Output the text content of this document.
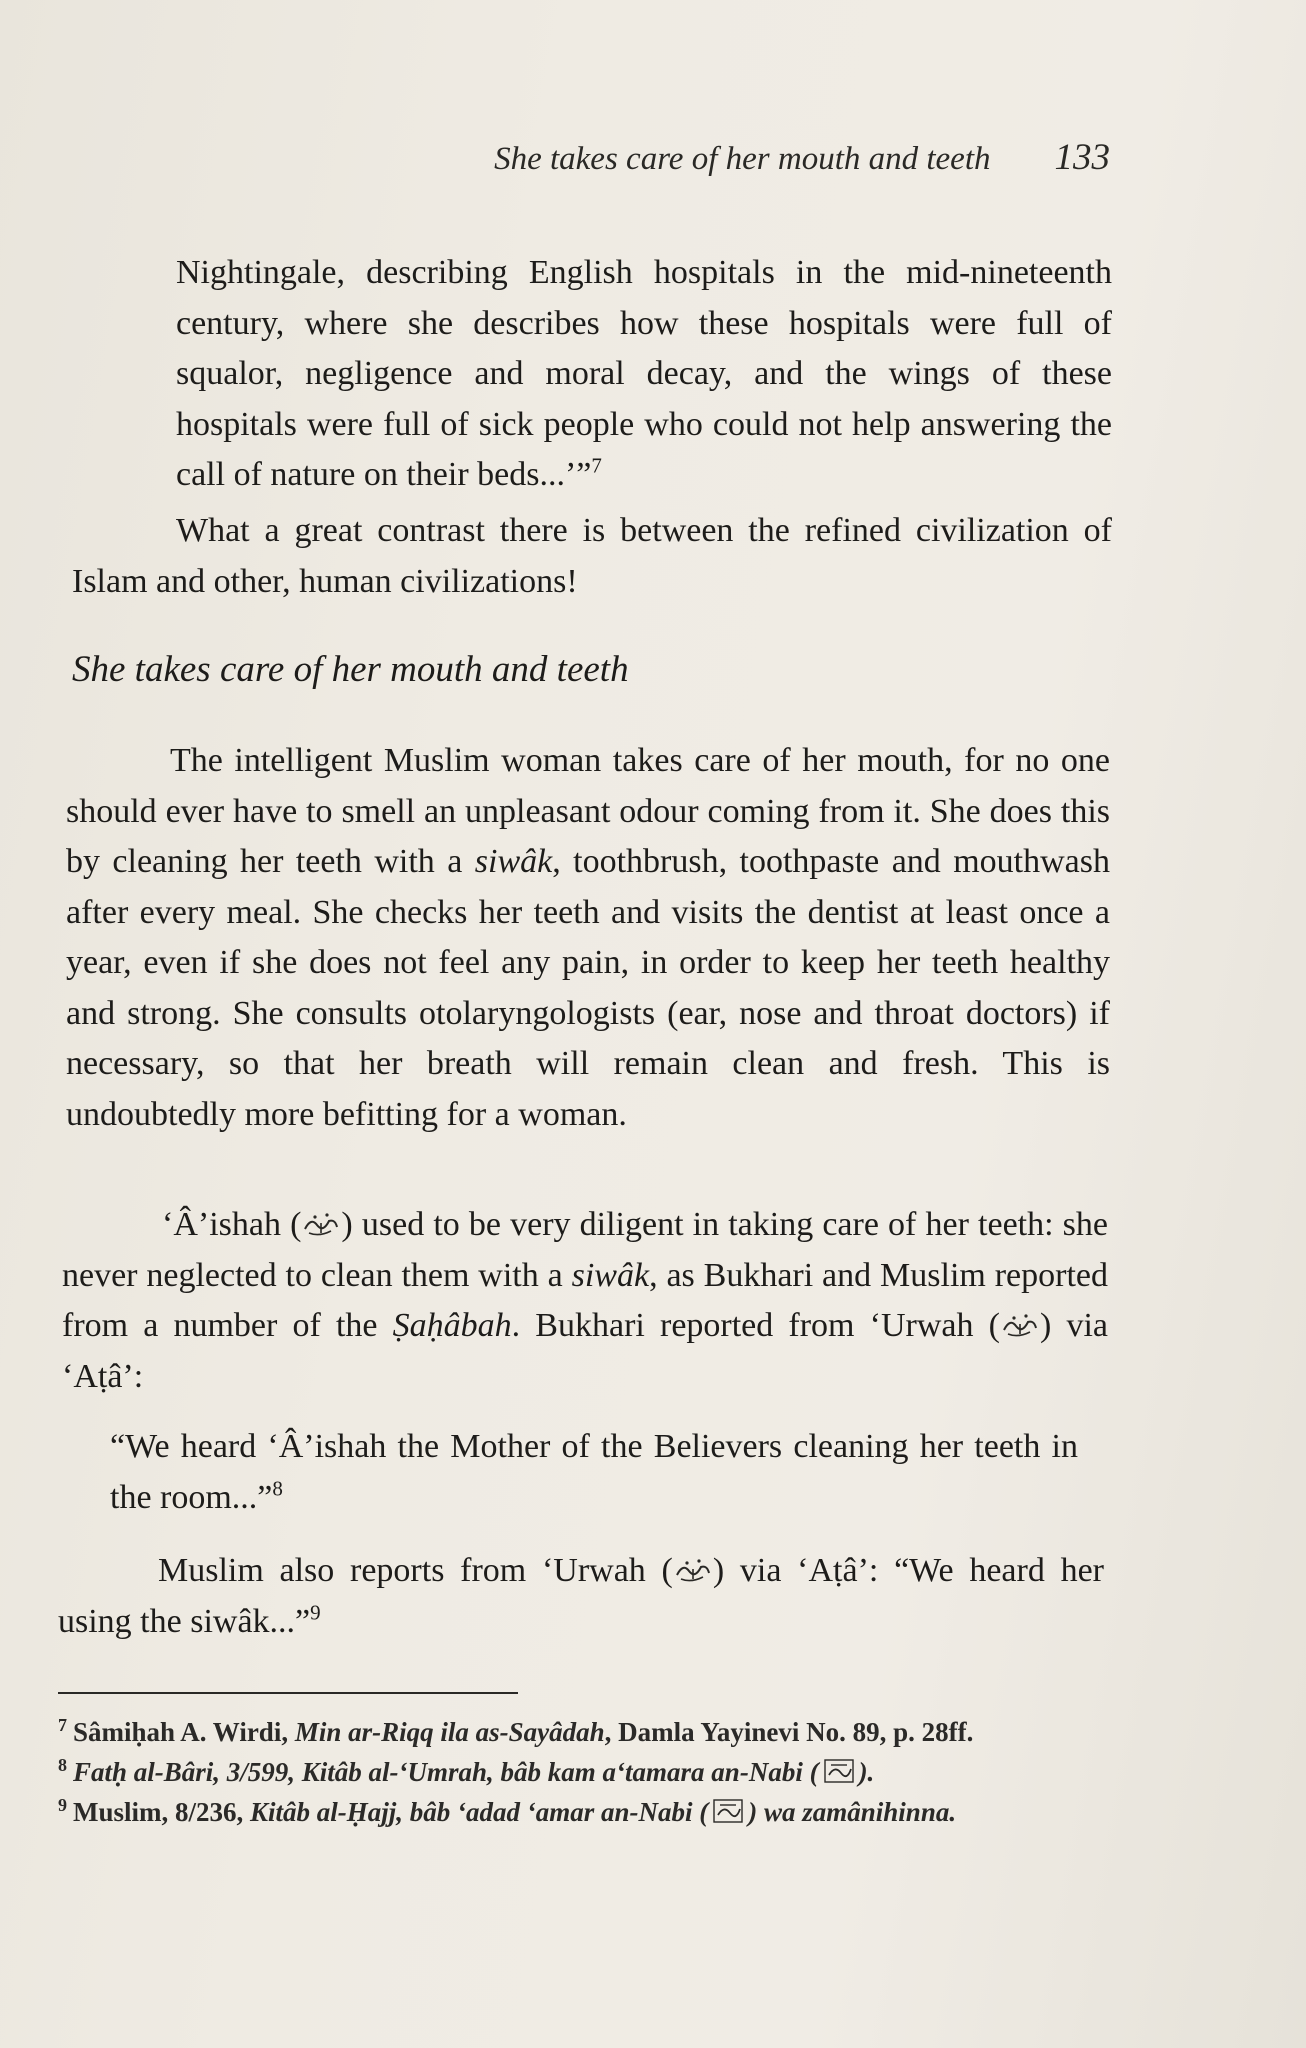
She takes care of her mouth and teeth 133

Nightingale, describing English hospitals in the mid-nineteenth century, where she describes how these hospitals were full of squalor, negligence and moral decay, and the wings of these hospitals were full of sick people who could not help answering the call of nature on their beds...’”$^7$

What a great contrast there is between the refined civilization of Islam and other, human civilizations!

She takes care of her mouth and teeth

The intelligent Muslim woman takes care of her mouth, for no one should ever have to smell an unpleasant odour coming from it. She does this by cleaning her teeth with a siwâk, toothbrush, toothpaste and mouthwash after every meal. She checks her teeth and visits the dentist at least once a year, even if she does not feel any pain, in order to keep her teeth healthy and strong. She consults otolaryngologists (ear, nose and throat doctors) if necessary, so that her breath will remain clean and fresh. This is undoubtedly more befitting for a woman.

‘Â’ishah ( ) used to be very diligent in taking care of her teeth: she never neglected to clean them with a siwâk, as Bukhari and Muslim reported from a number of the Ṣaḥâbah. Bukhari reported from ‘Urwah ( ) via ‘Aṭâ’:

“We heard ‘Â’ishah the Mother of the Believers cleaning her teeth in the room...”$^8$

Muslim also reports from ‘Urwah ( ) via ‘Aṭâ’: “We heard her using the siwâk...”$^9$

$^7$ Sâmiḥah A. Wirdi, Min ar-Riqq ila as-Sayâdah, Damla Yayinevi No. 89, p. 28ff.

$^8$ Fatḥ al-Bâri, 3/599, Kitâb al-‘Umrah, bâb kam a‘tamara an-Nabi ( ).

$^9$ Muslim, 8/236, Kitâb al-Ḥajj, bâb ‘adad ‘amar an-Nabi ( ) wa zamânihinna.
